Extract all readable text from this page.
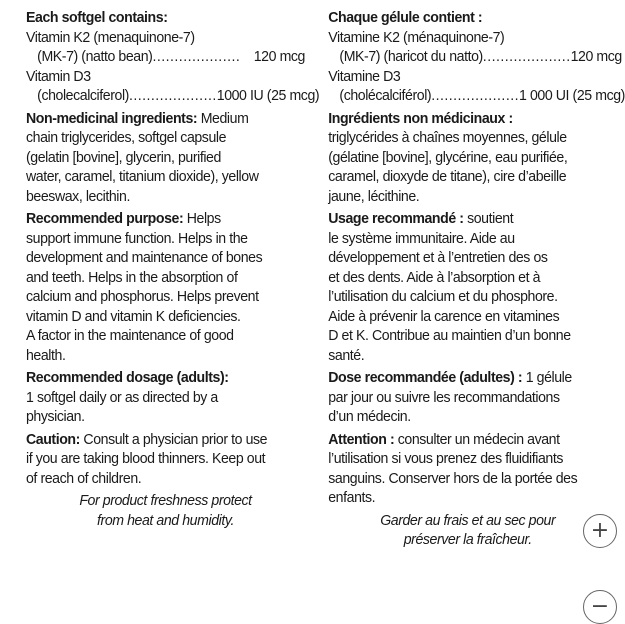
Each softgel contains:
Vitamin K2 (menaquinone-7)
(MK-7) (natto bean) .................... 120 mcg
Vitamin D3
(cholecalciferol) .................... 1000 IU (25 mcg)
Non-medicinal ingredients: Medium
chain triglycerides, softgel capsule
(gelatin [bovine], glycerin, purified
water, caramel, titanium dioxide), yellow
beeswax, lecithin.
Recommended purpose: Helps
support immune function. Helps in the
development and maintenance of bones
and teeth. Helps in the absorption of
calcium and phosphorus. Helps prevent
vitamin D and vitamin K deficiencies.
A factor in the maintenance of good
health.
Recommended dosage (adults):
1 softgel daily or as directed by a
physician.
Caution: Consult a physician prior to use
if you are taking blood thinners. Keep out
of reach of children.
For product freshness protect
from heat and humidity.
Chaque gélule contient :
Vitamine K2 (ménaquinone-7)
(MK-7) (haricot du natto) .................... 120 mcg
Vitamine D3
(cholécalciférol) .................... 1 000 UI (25 mcg)
Ingrédients non médicinaux :
triglycérides à chaînes moyennes, gélule
(gélatine [bovine], glycérine, eau purifiée,
caramel, dioxyde de titane), cire d’abeille
jaune, lécithine.
Usage recommandé : soutient
le système immunitaire. Aide au
développement et à l’entretien des os
et des dents. Aide à l’absorption et à
l’utilisation du calcium et du phosphore.
Aide à prévenir la carence en vitamines
D et K. Contribue au maintien d’un bonne
santé.
Dose recommandée (adultes) : 1 gélule
par jour ou suivre les recommandations
d’un médecin.
Attention : consulter un médecin avant
l’utilisation si vous prenez des fluidifiants
sanguins. Conserver hors de la portée des
enfants.
Garder au frais et au sec pour
préserver la fraîcheur.	+
−
